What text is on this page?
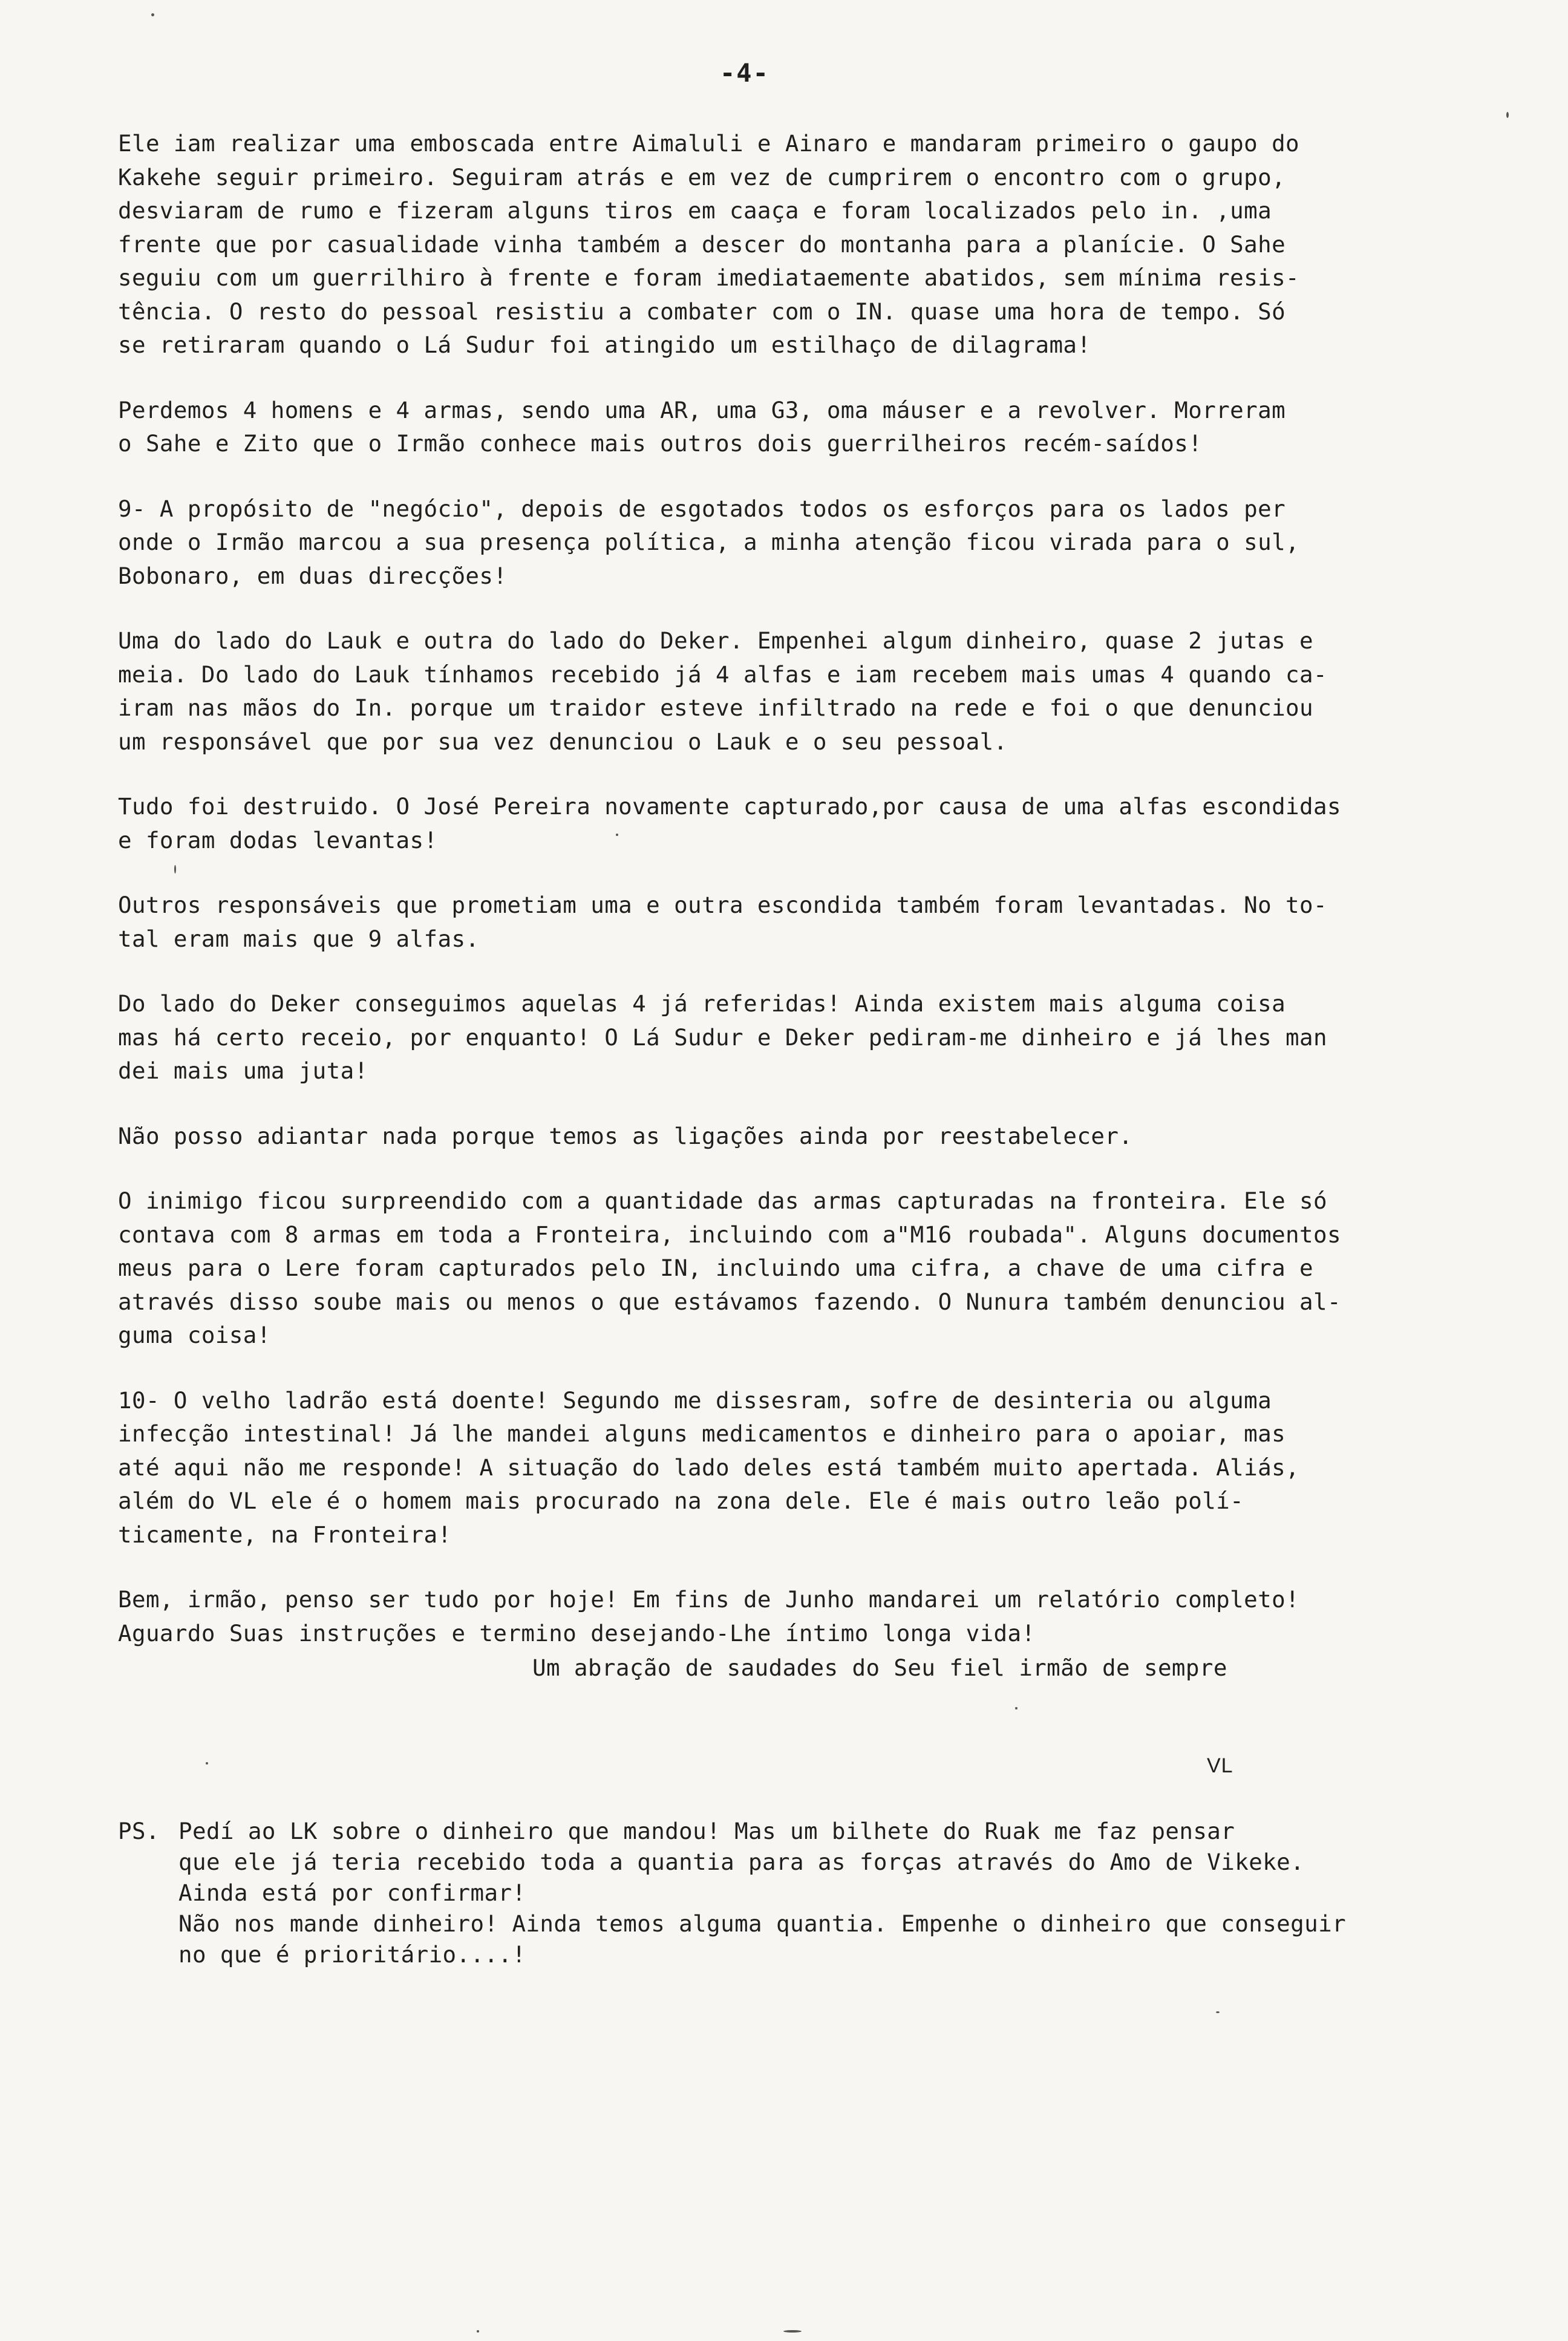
-4-
Ele iam realizar uma emboscada entre Aimaluli e Ainaro e mandaram primeiro o gaupo do
Kakehe seguir primeiro. Seguiram atrás e em vez de cumprirem o encontro com o grupo,
desviaram de rumo e fizeram alguns tiros em caaça e foram localizados pelo in. ,uma
frente que por casualidade vinha também a descer do montanha para a planície. O Sahe
seguiu com um guerrilhiro à frente e foram imediataemente abatidos, sem mínima resis-
tência. O resto do pessoal resistiu a combater com o IN. quase uma hora de tempo. Só
se retiraram quando o Lá Sudur foi atingido um estilhaço de dilagrama!
Perdemos 4 homens e 4 armas, sendo uma AR, uma G3, oma máuser e a revolver. Morreram
o Sahe e Zito que o Irmão conhece mais outros dois guerrilheiros recém-saídos!
9- A propósito de "negócio", depois de esgotados todos os esforços para os lados per
onde o Irmão marcou a sua presença política, a minha atenção ficou virada para o sul,
Bobonaro, em duas direcções!
Uma do lado do Lauk e outra do lado do Deker. Empenhei algum dinheiro, quase 2 jutas e
meia. Do lado do Lauk tínhamos recebido já 4 alfas e iam recebem mais umas 4 quando ca-
iram nas mãos do In. porque um traidor esteve infiltrado na rede e foi o que denunciou
um responsável que por sua vez denunciou o Lauk e o seu pessoal.
Tudo foi destruido. O José Pereira novamente capturado,por causa de uma alfas escondidas
e foram dodas levantas!
Outros responsáveis que prometiam uma e outra escondida também foram levantadas. No to-
tal eram mais que 9 alfas.
Do lado do Deker conseguimos aquelas 4 já referidas! Ainda existem mais alguma coisa
mas há certo receio, por enquanto! O Lá Sudur e Deker pediram-me dinheiro e já lhes man
dei mais uma juta!
Não posso adiantar nada porque temos as ligações ainda por reestabelecer.
O inimigo ficou surpreendido com a quantidade das armas capturadas na fronteira. Ele só
contava com 8 armas em toda a Fronteira, incluindo com a"M16 roubada". Alguns documentos
meus para o Lere foram capturados pelo IN, incluindo uma cifra, a chave de uma cifra e
através disso soube mais ou menos o que estávamos fazendo. O Nunura também denunciou al-
guma coisa!
10- O velho ladrão está doente! Segundo me dissesram, sofre de desinteria ou alguma
infecção intestinal! Já lhe mandei alguns medicamentos e dinheiro para o apoiar, mas
até aqui não me responde! A situação do lado deles está também muito apertada. Aliás,
além do VL ele é o homem mais procurado na zona dele. Ele é mais outro leão polí-
ticamente, na Fronteira!
Bem, irmão, penso ser tudo por hoje! Em fins de Junho mandarei um relatório completo!
Aguardo Suas instruções e termino desejando-Lhe íntimo longa vida!
Um abração de saudades do Seu fiel irmão de sempre
VL
PS. Pedí ao LK sobre o dinheiro que mandou! Mas um bilhete do Ruak me faz pensar
que ele já teria recebido toda a quantia para as forças através do Amo de Vikeke.
Ainda está por confirmar!
Não nos mande dinheiro! Ainda temos alguma quantia. Empenhe o dinheiro que conseguir
no que é prioritário....!
